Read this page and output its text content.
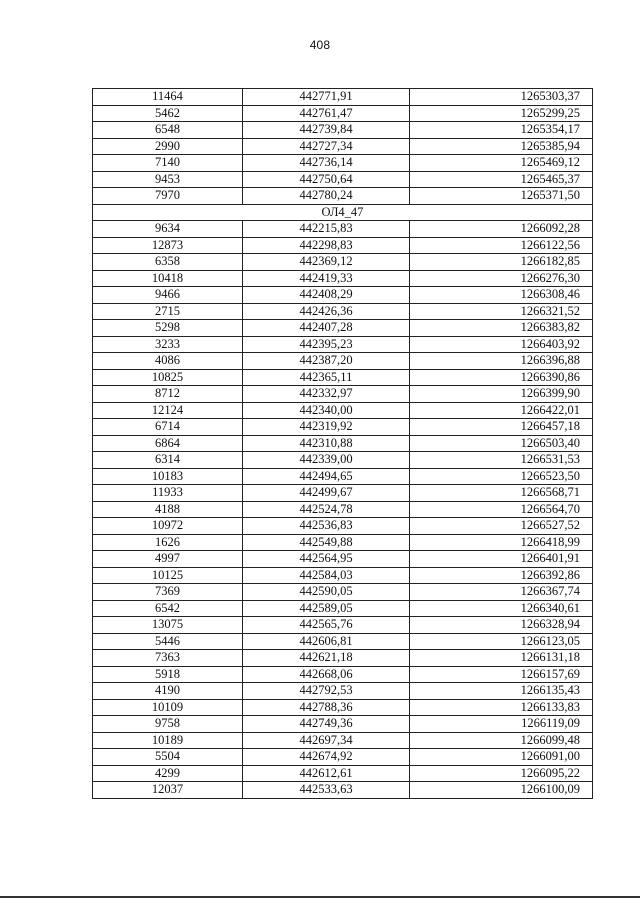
408
11464	442771,91	1265303,37
5462	442761,47	1265299,25
6548	442739,84	1265354,17
2990	442727,34	1265385,94
7140	442736,14	1265469,12
9453	442750,64	1265465,37
7970	442780,24	1265371,50
ОЛ4_47		
9634	442215,83	1266092,28
12873	442298,83	1266122,56
6358	442369,12	1266182,85
10418	442419,33	1266276,30
9466	442408,29	1266308,46
2715	442426,36	1266321,52
5298	442407,28	1266383,82
3233	442395,23	1266403,92
4086	442387,20	1266396,88
10825	442365,11	1266390,86
8712	442332,97	1266399,90
12124	442340,00	1266422,01
6714	442319,92	1266457,18
6864	442310,88	1266503,40
6314	442339,00	1266531,53
10183	442494,65	1266523,50
11933	442499,67	1266568,71
4188	442524,78	1266564,70
10972	442536,83	1266527,52
1626	442549,88	1266418,99
4997	442564,95	1266401,91
10125	442584,03	1266392,86
7369	442590,05	1266367,74
6542	442589,05	1266340,61
13075	442565,76	1266328,94
5446	442606,81	1266123,05
7363	442621,18	1266131,18
5918	442668,06	1266157,69
4190	442792,53	1266135,43
10109	442788,36	1266133,83
9758	442749,36	1266119,09
10189	442697,34	1266099,48
5504	442674,92	1266091,00
4299	442612,61	1266095,22
12037	442533,63	1266100,09
